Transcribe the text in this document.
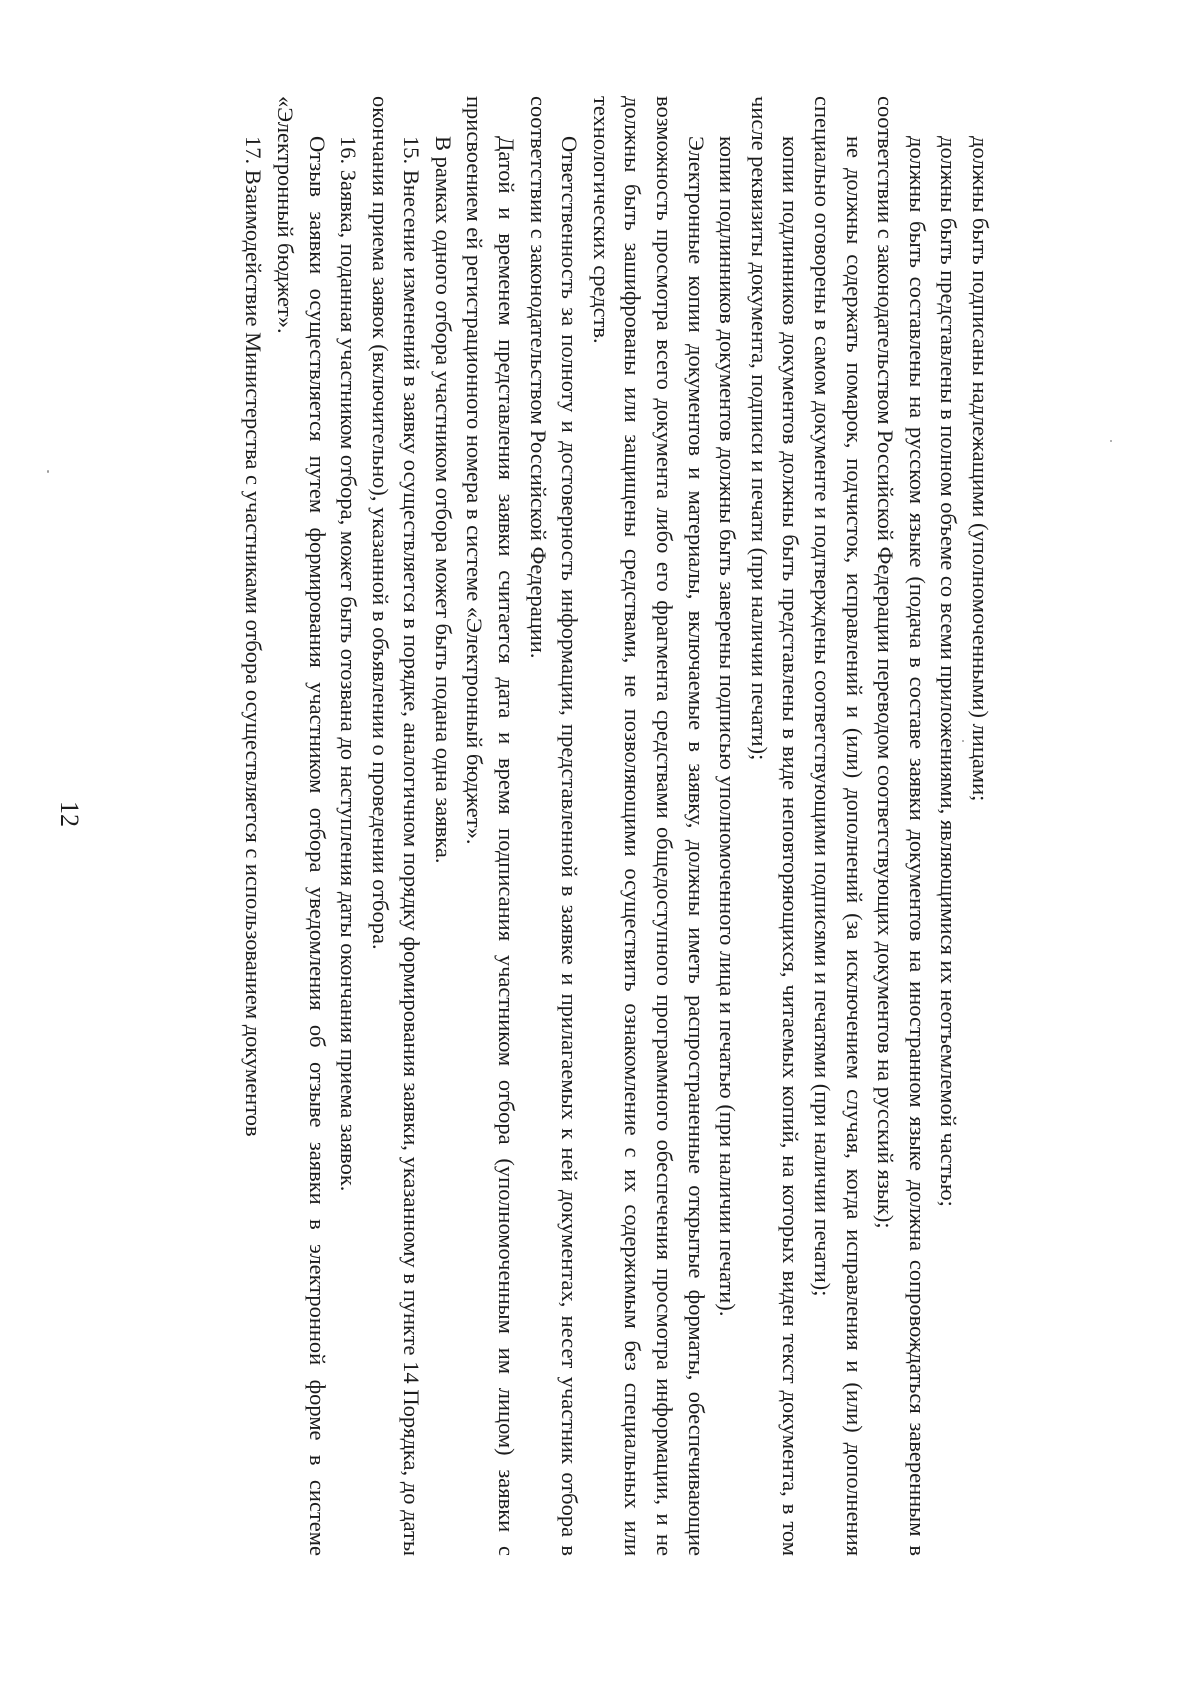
12

должны быть подписаны надлежащими (уполномоченными) лицами;

должны быть представлены в полном объеме со всеми приложениями, являющимися их неотъемлемой частью;

должны быть составлены на русском языке (подача в составе заявки документов на иностранном языке должна сопровождаться заверенным в соответствии с законодательством Российской Федерации переводом соответствующих документов на русский язык);

не должны содержать помарок, подчисток, исправлений и (или) дополнений (за исключением случая, когда исправления и (или) дополнения специально оговорены в самом документе и подтверждены соответствующими подписями и печатями (при наличии печати);

копии подлинников документов должны быть представлены в виде неповторяющихся, читаемых копий, на которых виден текст документа, в том числе реквизиты документа, подписи и печати (при наличии печати);

копии подлинников документов должны быть заверены подписью уполномоченного лица и печатью (при наличии печати).

Электронные копии документов и материалы, включаемые в заявку, должны иметь распространенные открытые форматы, обеспечивающие возможность просмотра всего документа либо его фрагмента средствами общедоступного программного обеспечения просмотра информации, и не должны быть зашифрованы или защищены средствами, не позволяющими осуществить ознакомление с их содержимым без специальных или технологических средств.

Ответственность за полноту и достоверность информации, представленной в заявке и прилагаемых к ней документах, несет участник отбора в соответствии с законодательством Российской Федерации.

Датой и временем представления заявки считается дата и время подписания участником отбора (уполномоченным им лицом) заявки с присвоением ей регистрационного номера в системе «Электронный бюджет».

В рамках одного отбора участником отбора может быть подана одна заявка.

15. Внесение изменений в заявку осуществляется в порядке, аналогичном порядку формирования заявки, указанному в пункте 14 Порядка, до даты окончания приема заявок (включительно), указанной в объявлении о проведении отбора.

16. Заявка, поданная участником отбора, может быть отозвана до наступления даты окончания приема заявок.

Отзыв заявки осуществляется путем формирования участником отбора уведомления об отзыве заявки в электронной форме в системе «Электронный бюджет».

17. Взаимодействие Министерства с участниками отбора осуществляется с использованием документов
